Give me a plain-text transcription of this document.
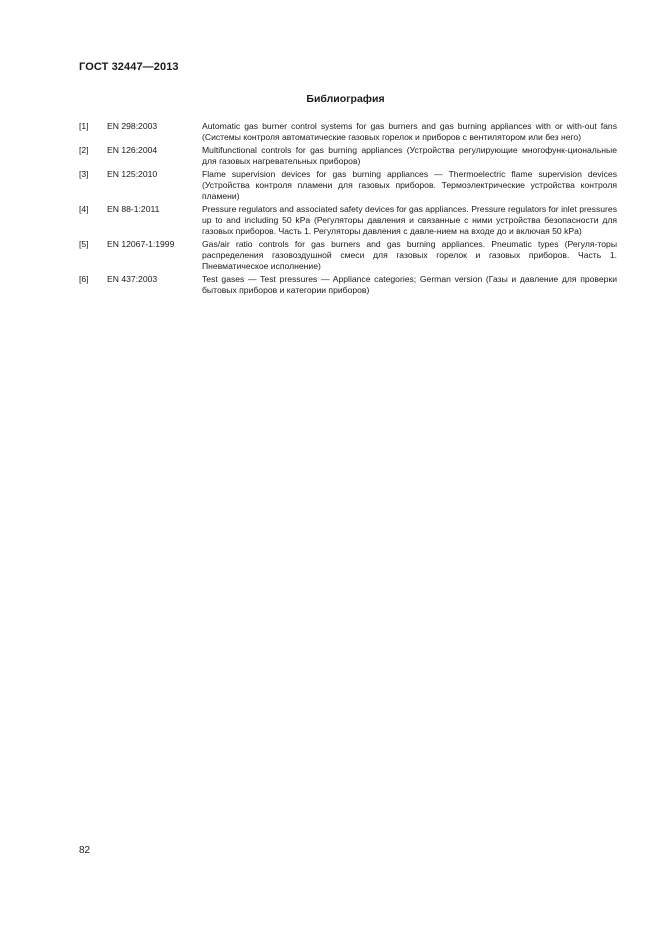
ГОСТ 32447—2013
Библиография
[1]	EN 298:2003	Automatic gas burner control systems for gas burners and gas burning appliances with or with-out fans (Системы контроля автоматические газовых горелок и приборов с вентилятором или без него)
[2]	EN 126:2004	Multifunctional controls for gas burning appliances (Устройства регулирующие многофунк-циональные для газовых нагревательных приборов)
[3]	EN 125:2010	Flame supervision devices for gas burning appliances — Thermoelectric flame supervision devices (Устройства контроля пламени для газовых приборов. Термоэлектрические устройства контроля пламени)
[4]	EN 88-1:2011	Pressure regulators and associated safety devices for gas appliances. Pressure regulators for inlet pressures up to and including 50 kPa (Регуляторы давления и связанные с ними устройства безопасности для газовых приборов. Часть 1. Регуляторы давления с давле-нием на входе до и включая 50 kPa)
[5]	EN 12067-1:1999	Gas/air ratio controls for gas burners and gas burning appliances. Pneumatic types (Регуля-торы распределения газовоздушной смеси для газовых горелок и газовых приборов. Часть 1. Пневматическое исполнение)
[6]	EN 437:2003	Test gases — Test pressures — Appliance categories; German version (Газы и давление для проверки бытовых приборов и категории приборов)
82
